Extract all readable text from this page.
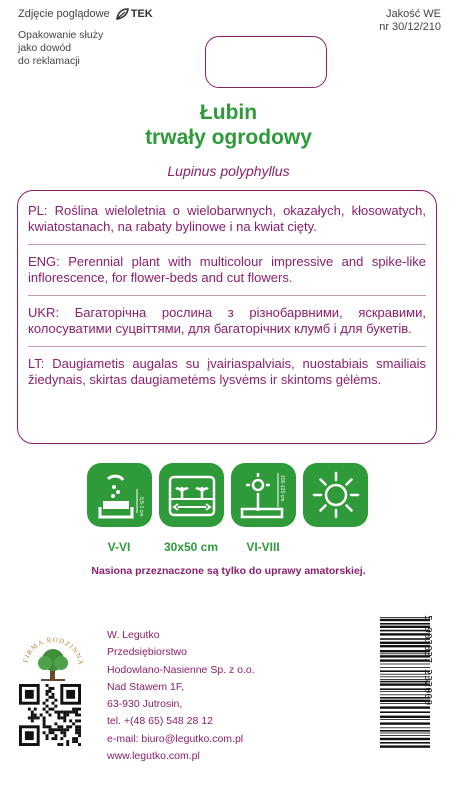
Zdjęcie poglądowe TEK	Jakość WE
nr 30/12/210
Opakowanie służy
jako dowód
do reklamacji
Łubin
trwały ogrodowy
Lupinus polyphyllus

PL: Roślina wieloletnia o wielobarwnych, okazałych, kłosowatych, kwiatostanach, na rabaty bylinowe i na kwiat cięty.

ENG: Perennial plant with multicolour impressive and spike-like inflorescence, for flower-beds and cut flowers.

UKR: Багаторічна рослина з різнобарвними, яскравими, колосуватими суцвіттями, для багаторічних клумб і для букетів.

LT: Daugiametis augalas su įvairiaspalviais, nuostabiais smailiais žiedynais, skirtas daugiametėms lysvėms ir skintoms gėlėms.

0,5-1 cm
100-120 cm
V-VI	30x50 cm VI-VIII
Nasiona przeznaczone są tylko do uprawy amatorskiej.
FIRMA RODZINNA
W. Legutko
Przedsiębiorstwo
Hodowlano-Nasienne Sp. z o.o.
Nad Stawem 1F,
63-930 Jutrosin,
tel. +(48 65) 548 28 12
e-mail: biuro@legutko.com.pl
www.legutko.com.pl
5 903837 232000
